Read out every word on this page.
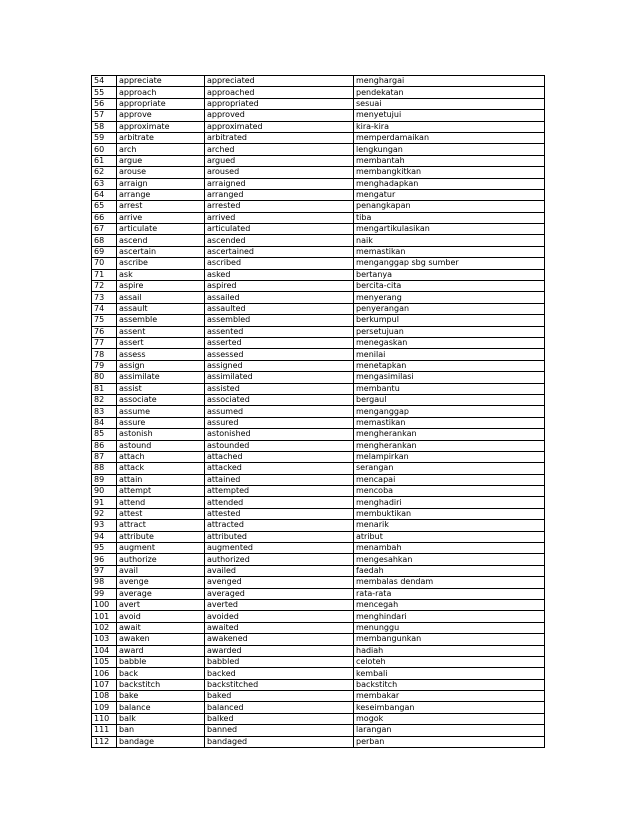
54	appreciate	appreciated	menghargai
55	approach	approached	pendekatan
56	appropriate	appropriated	sesuai
57	approve	approved	menyetujui
58	approximate	approximated	kira-kira
59	arbitrate	arbitrated	memperdamaikan
60	arch	arched	lengkungan
61	argue	argued	membantah
62	arouse	aroused	membangkitkan
63	arraign	arraigned	menghadapkan
64	arrange	arranged	mengatur
65	arrest	arrested	penangkapan
66	arrive	arrived	tiba
67	articulate	articulated	mengartikulasikan
68	ascend	ascended	naik
69	ascertain	ascertained	memastikan
70	ascribe	ascribed	menganggap sbg sumber
71	ask	asked	bertanya
72	aspire	aspired	bercita-cita
73	assail	assailed	menyerang
74	assault	assaulted	penyerangan
75	assemble	assembled	berkumpul
76	assent	assented	persetujuan
77	assert	asserted	menegaskan
78	assess	assessed	menilai
79	assign	assigned	menetapkan
80	assimilate	assimilated	mengasimilasi
81	assist	assisted	membantu
82	associate	associated	bergaul
83	assume	assumed	menganggap
84	assure	assured	memastikan
85	astonish	astonished	mengherankan
86	astound	astounded	mengherankan
87	attach	attached	melampirkan
88	attack	attacked	serangan
89	attain	attained	mencapai
90	attempt	attempted	mencoba
91	attend	attended	menghadiri
92	attest	attested	membuktikan
93	attract	attracted	menarik
94	attribute	attributed	atribut
95	augment	augmented	menambah
96	authorize	authorized	mengesahkan
97	avail	availed	faedah
98	avenge	avenged	membalas dendam
99	average	averaged	rata-rata
100	avert	averted	mencegah
101	avoid	avoided	menghindari
102	await	awaited	menunggu
103	awaken	awakened	membangunkan
104	award	awarded	hadiah
105	babble	babbled	celoteh
106	back	backed	kembali
107	backstitch	backstitched	backstitch
108	bake	baked	membakar
109	balance	balanced	keseimbangan
110	balk	balked	mogok
111	ban	banned	larangan
112	bandage	bandaged	perban
